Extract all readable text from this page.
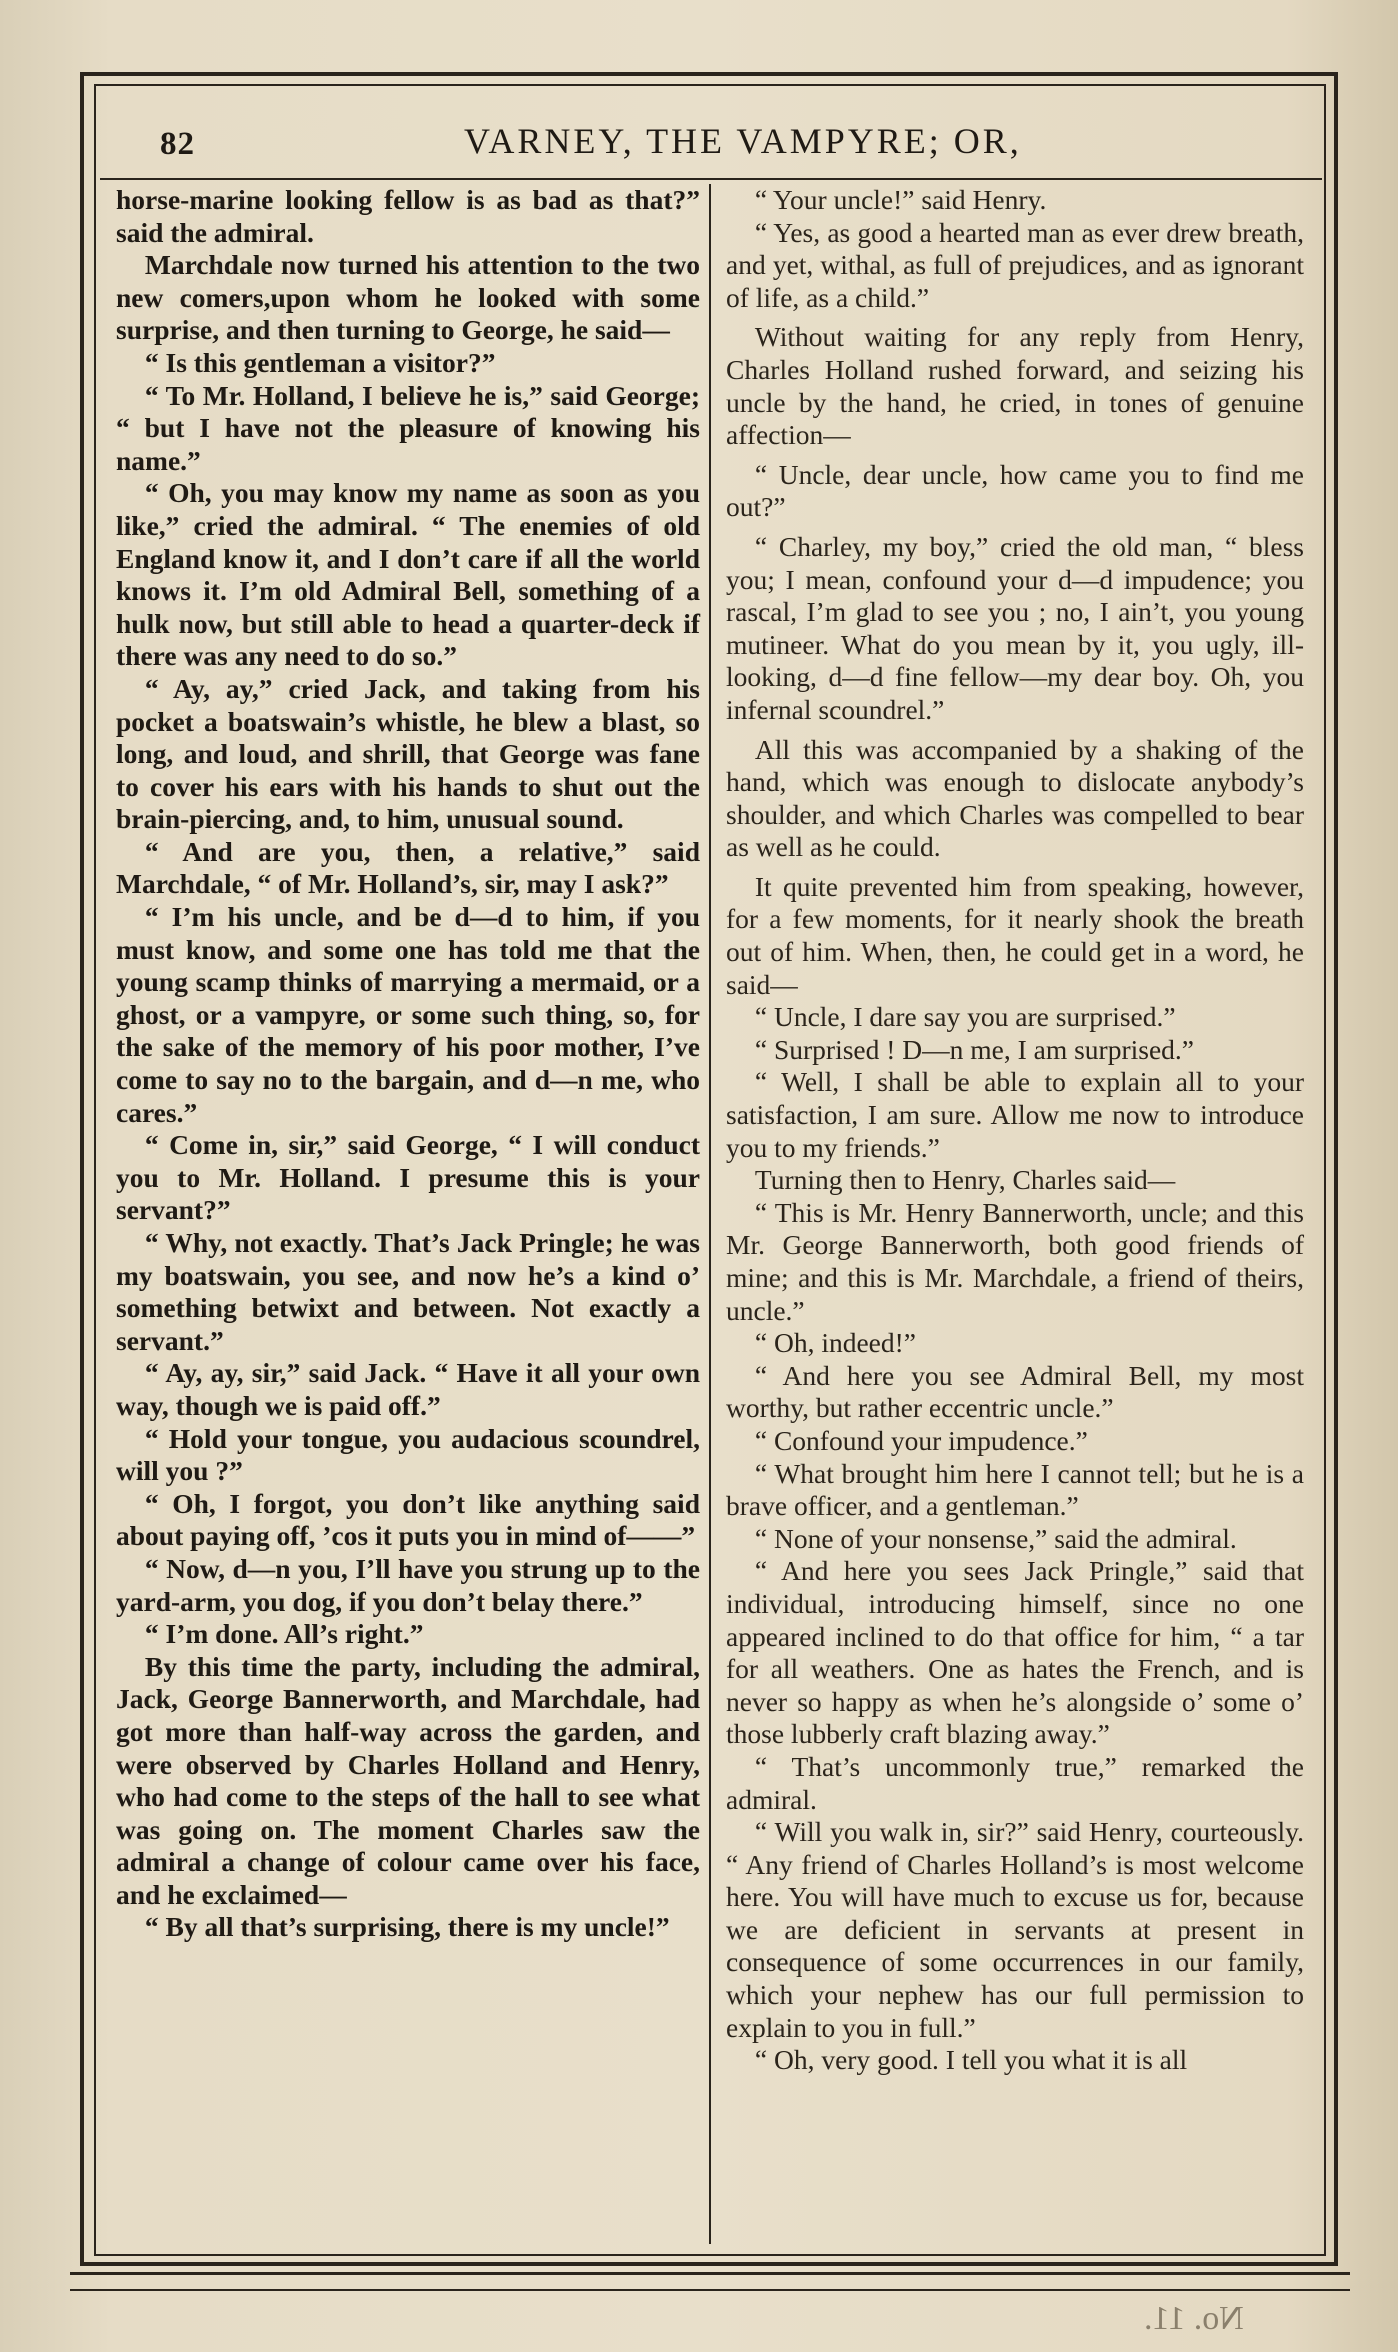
82	VARNEY, THE VAMPYRE; OR,

horse-marine looking fellow is as bad as that?” said the admiral.

Marchdale now turned his attention to the two new comers,upon whom he looked with some surprise, and then turning to George, he said—

“ Is this gentleman a visitor?”

“ To Mr. Holland, I believe he is,” said George; “ but I have not the pleasure of knowing his name.”

“ Oh, you may know my name as soon as you like,” cried the admiral. “ The enemies of old England know it, and I don’t care if all the world knows it. I’m old Admiral Bell, something of a hulk now, but still able to head a quarter-deck if there was any need to do so.”

“ Ay, ay,” cried Jack, and taking from his pocket a boatswain’s whistle, he blew a blast, so long, and loud, and shrill, that George was fane to cover his ears with his hands to shut out the brain-piercing, and, to him, unusual sound.

“ And are you, then, a relative,” said Marchdale, “ of Mr. Holland’s, sir, may I ask?”

“ I’m his uncle, and be d—d to him, if you must know, and some one has told me that the young scamp thinks of marrying a mermaid, or a ghost, or a vampyre, or some such thing, so, for the sake of the memory of his poor mother, I’ve come to say no to the bargain, and d—n me, who cares.”

“ Come in, sir,” said George, “ I will conduct you to Mr. Holland. I presume this is your servant?”

“ Why, not exactly. That’s Jack Pringle; he was my boatswain, you see, and now he’s a kind o’ something betwixt and between. Not exactly a servant.”

“ Ay, ay, sir,” said Jack. “ Have it all your own way, though we is paid off.”

“ Hold your tongue, you audacious scoundrel, will you ?”

“ Oh, I forgot, you don’t like anything said about paying off, ’cos it puts you in mind of——”

“ Now, d—n you, I’ll have you strung up to the yard-arm, you dog, if you don’t belay there.”

“ I’m done. All’s right.”

By this time the party, including the admiral, Jack, George Bannerworth, and Marchdale, had got more than half-way across the garden, and were observed by Charles Holland and Henry, who had come to the steps of the hall to see what was going on. The moment Charles saw the admiral a change of colour came over his face, and he exclaimed—

“ By all that’s surprising, there is my uncle!”

“ Your uncle!” said Henry.

“ Yes, as good a hearted man as ever drew breath, and yet, withal, as full of prejudices, and as ignorant of life, as a child.”

Without waiting for any reply from Henry, Charles Holland rushed forward, and seizing his uncle by the hand, he cried, in tones of genuine affection—

“ Uncle, dear uncle, how came you to find me out?”

“ Charley, my boy,” cried the old man, “ bless you; I mean, confound your d—d impudence; you rascal, I’m glad to see you ; no, I ain’t, you young mutineer. What do you mean by it, you ugly, ill-looking, d—d fine fellow—my dear boy. Oh, you infernal scoundrel.”

All this was accompanied by a shaking of the hand, which was enough to dislocate anybody’s shoulder, and which Charles was compelled to bear as well as he could.

It quite prevented him from speaking, however, for a few moments, for it nearly shook the breath out of him. When, then, he could get in a word, he said—

“ Uncle, I dare say you are surprised.”

“ Surprised ! D—n me, I am surprised.”

“ Well, I shall be able to explain all to your satisfaction, I am sure. Allow me now to introduce you to my friends.”

Turning then to Henry, Charles said—

“ This is Mr. Henry Bannerworth, uncle; and this Mr. George Bannerworth, both good friends of mine; and this is Mr. Marchdale, a friend of theirs, uncle.”

“ Oh, indeed!”

“ And here you see Admiral Bell, my most worthy, but rather eccentric uncle.”

“ Confound your impudence.”

“ What brought him here I cannot tell; but he is a brave officer, and a gentleman.”

“ None of your nonsense,” said the admiral.

“ And here you sees Jack Pringle,” said that individual, introducing himself, since no one appeared inclined to do that office for him, “ a tar for all weathers. One as hates the French, and is never so happy as when he’s alongside o’ some o’ those lubberly craft blazing away.”

“ That’s uncommonly true,” remarked the admiral.

“ Will you walk in, sir?” said Henry, courteously. “ Any friend of Charles Holland’s is most welcome here. You will have much to excuse us for, because we are deficient in servants at present in consequence of some occurrences in our family, which your nephew has our full permission to explain to you in full.”

“ Oh, very good. I tell you what it is all

No. 11.
